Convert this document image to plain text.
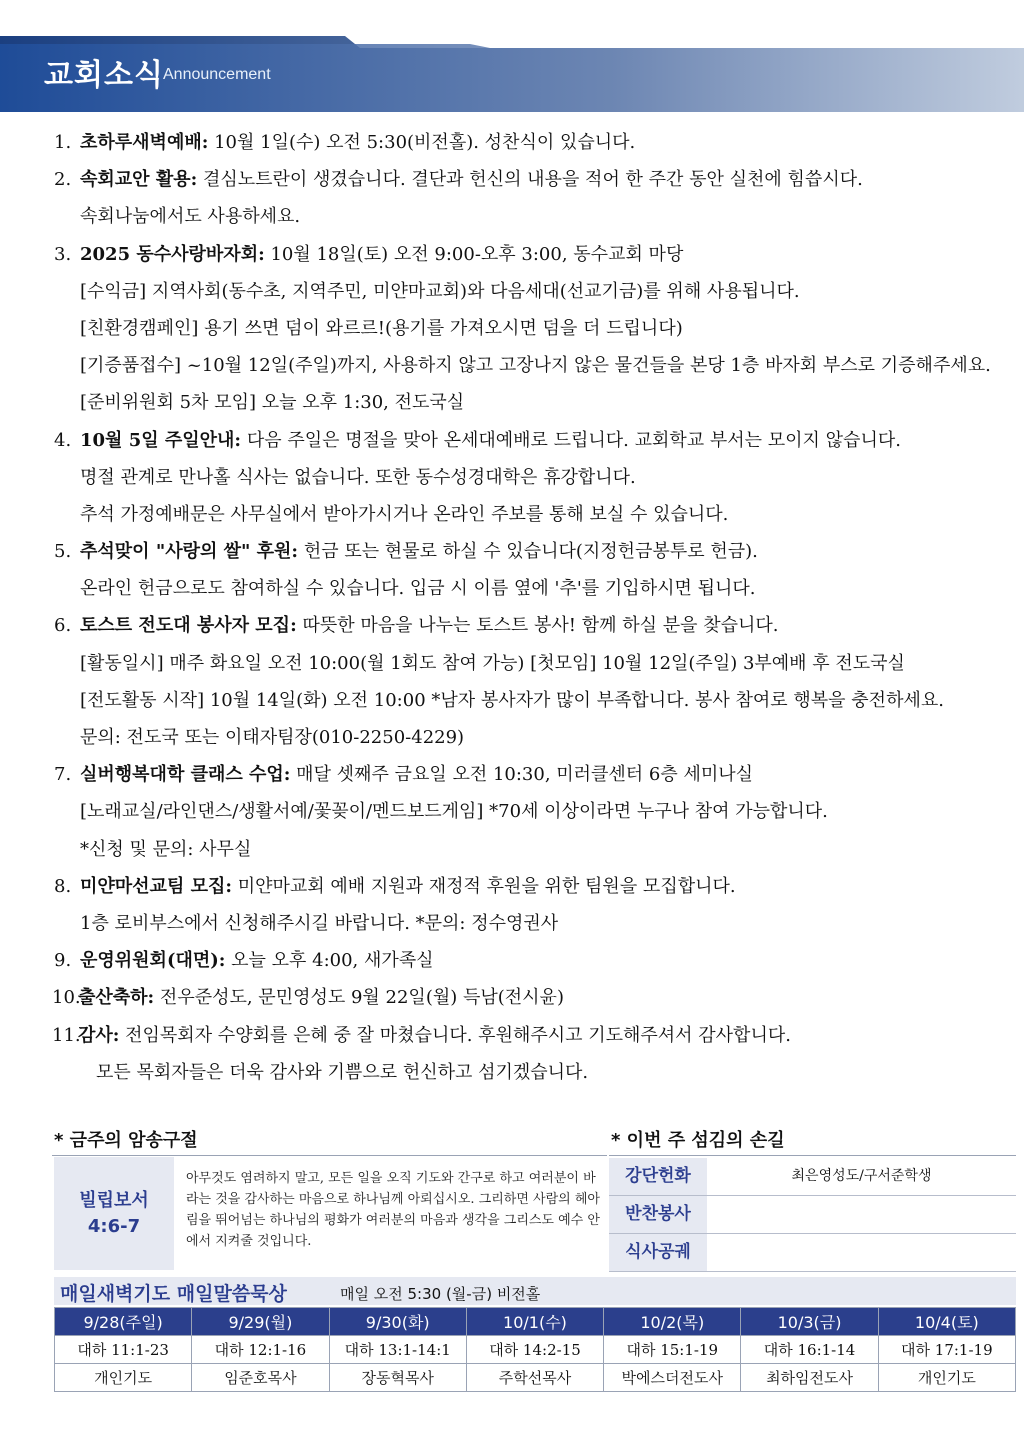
교회소식 Announcement
1. 초하루새벽예배: 10월 1일(수) 오전 5:30(비전홀). 성찬식이 있습니다.
2. 속회교안 활용: 결심노트란이 생겼습니다. 결단과 헌신의 내용을 적어 한 주간 동안 실천에 힘씁시다.
속회나눔에서도 사용하세요.
3. 2025 동수사랑바자회: 10월 18일(토) 오전 9:00-오후 3:00, 동수교회 마당
[수익금] 지역사회(동수초, 지역주민, 미얀마교회)와 다음세대(선교기금)를 위해 사용됩니다.
[친환경캠페인] 용기 쓰면 덤이 와르르!(용기를 가져오시면 덤을 더 드립니다)
[기증품접수] ~10월 12일(주일)까지, 사용하지 않고 고장나지 않은 물건들을 본당 1층 바자회 부스로 기증해주세요.
[준비위원회 5차 모임] 오늘 오후 1:30, 전도국실
4. 10월 5일 주일안내: 다음 주일은 명절을 맞아 온세대예배로 드립니다. 교회학교 부서는 모이지 않습니다.
명절 관계로 만나홀 식사는 없습니다. 또한 동수성경대학은 휴강합니다.
추석 가정예배문은 사무실에서 받아가시거나 온라인 주보를 통해 보실 수 있습니다.
5. 추석맞이 "사랑의 쌀" 후원: 헌금 또는 현물로 하실 수 있습니다(지정헌금봉투로 헌금).
온라인 헌금으로도 참여하실 수 있습니다. 입금 시 이름 옆에 '추'를 기입하시면 됩니다.
6. 토스트 전도대 봉사자 모집: 따뜻한 마음을 나누는 토스트 봉사! 함께 하실 분을 찾습니다.
[활동일시] 매주 화요일 오전 10:00(월 1회도 참여 가능) [첫모임] 10월 12일(주일) 3부예배 후 전도국실
[전도활동 시작] 10월 14일(화) 오전 10:00 *남자 봉사자가 많이 부족합니다. 봉사 참여로 행복을 충전하세요.
문의: 전도국 또는 이태자팀장(010-2250-4229)
7. 실버행복대학 클래스 수업: 매달 셋째주 금요일 오전 10:30, 미러클센터 6층 세미나실
[노래교실/라인댄스/생활서예/꽃꽂이/멘드보드게임] *70세 이상이라면 누구나 참여 가능합니다.
*신청 및 문의: 사무실
8. 미얀마선교팀 모집: 미얀마교회 예배 지원과 재정적 후원을 위한 팀원을 모집합니다.
1층 로비부스에서 신청해주시길 바랍니다. *문의: 정수영권사
9. 운영위원회(대면): 오늘 오후 4:00, 새가족실
10.출산축하: 전우준성도, 문민영성도 9월 22일(월) 득남(전시윤)
11.감사: 전임목회자 수양회를 은혜 중 잘 마쳤습니다. 후원해주시고 기도해주셔서 감사합니다.
모든 목회자들은 더욱 감사와 기쁨으로 헌신하고 섬기겠습니다.
* 금주의 암송구절
빌립보서
4:6-7
아무것도 염려하지 말고, 모든 일을 오직 기도와 간구로 하고 여러분이 바라는 것을 감사하는 마음으로 하나님께 아뢰십시오. 그리하면 사람의 헤아림을 뛰어넘는 하나님의 평화가 여러분의 마음과 생각을 그리스도 예수 안에서 지켜줄 것입니다.
* 이번 주 섬김의 손길
강단헌화	최은영성도/구서준학생
반찬봉사
식사공궤
매일새벽기도 매일말씀묵상	매일 오전 5:30 (월-금) 비전홀
9/28(주일)	9/29(월)	9/30(화)	10/1(수)	10/2(목)	10/3(금)	10/4(토)
대하 11:1-23	대하 12:1-16	대하 13:1-14:1	대하 14:2-15	대하 15:1-19	대하 16:1-14	대하 17:1-19
개인기도	임준호목사	장동혁목사	주학선목사	박에스더전도사	최하임전도사	개인기도
